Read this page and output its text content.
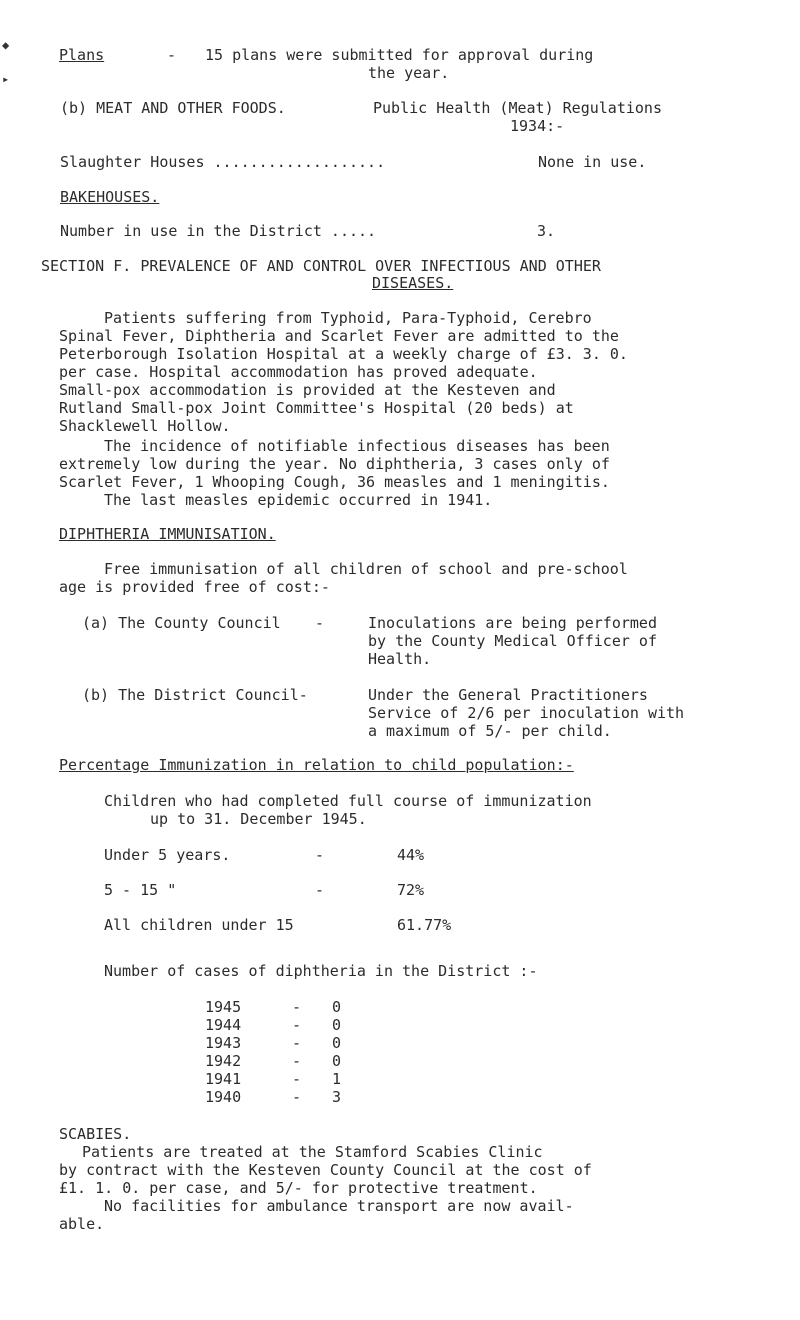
◆
▸
Plans	- 15 plans were submitted for approval during
the year.
(b) MEAT AND OTHER FOODS.	Public Health (Meat) Regulations
1934:-
Slaughter Houses ...................	None in use.
BAKEHOUSES.
Number in use in the District .....	3.
SECTION F. PREVALENCE OF AND CONTROL OVER INFECTIOUS AND OTHER
DISEASES.
Patients suffering from Typhoid, Para-Typhoid, Cerebro
Spinal Fever, Diphtheria and Scarlet Fever are admitted to the
Peterborough Isolation Hospital at a weekly charge of £3. 3. 0.
per case. Hospital accommodation has proved adequate.
Small-pox accommodation is provided at the Kesteven and
Rutland Small-pox Joint Committee's Hospital (20 beds) at
Shacklewell Hollow.
The incidence of notifiable infectious diseases has been
extremely low during the year. No diphtheria, 3 cases only of
Scarlet Fever, 1 Whooping Cough, 36 measles and 1 meningitis.
The last measles epidemic occurred in 1941.
DIPHTHERIA IMMUNISATION.
Free immunisation of all children of school and pre-school
age is provided free of cost:-
(a) The County Council -	Inoculations are being performed
by the County Medical Officer of
Health.
(b) The District Council-	Under the General Practitioners
Service of 2/6 per inoculation with
a maximum of 5/- per child.
Percentage Immunization in relation to child population:-
Children who had completed full course of immunization
up to 31. December 1945.
Under 5 years.	-	44%
5 - 15 "	-	72%
All children under 15	61.77%
Number of cases of diphtheria in the District :-
1945	- 0
1944	- 0
1943	- 0
1942	- 0
1941	- 1
1940	- 3
SCABIES.
Patients are treated at the Stamford Scabies Clinic
by contract with the Kesteven County Council at the cost of
£1. 1. 0. per case, and 5/- for protective treatment.
No facilities for ambulance transport are now avail-
able.
